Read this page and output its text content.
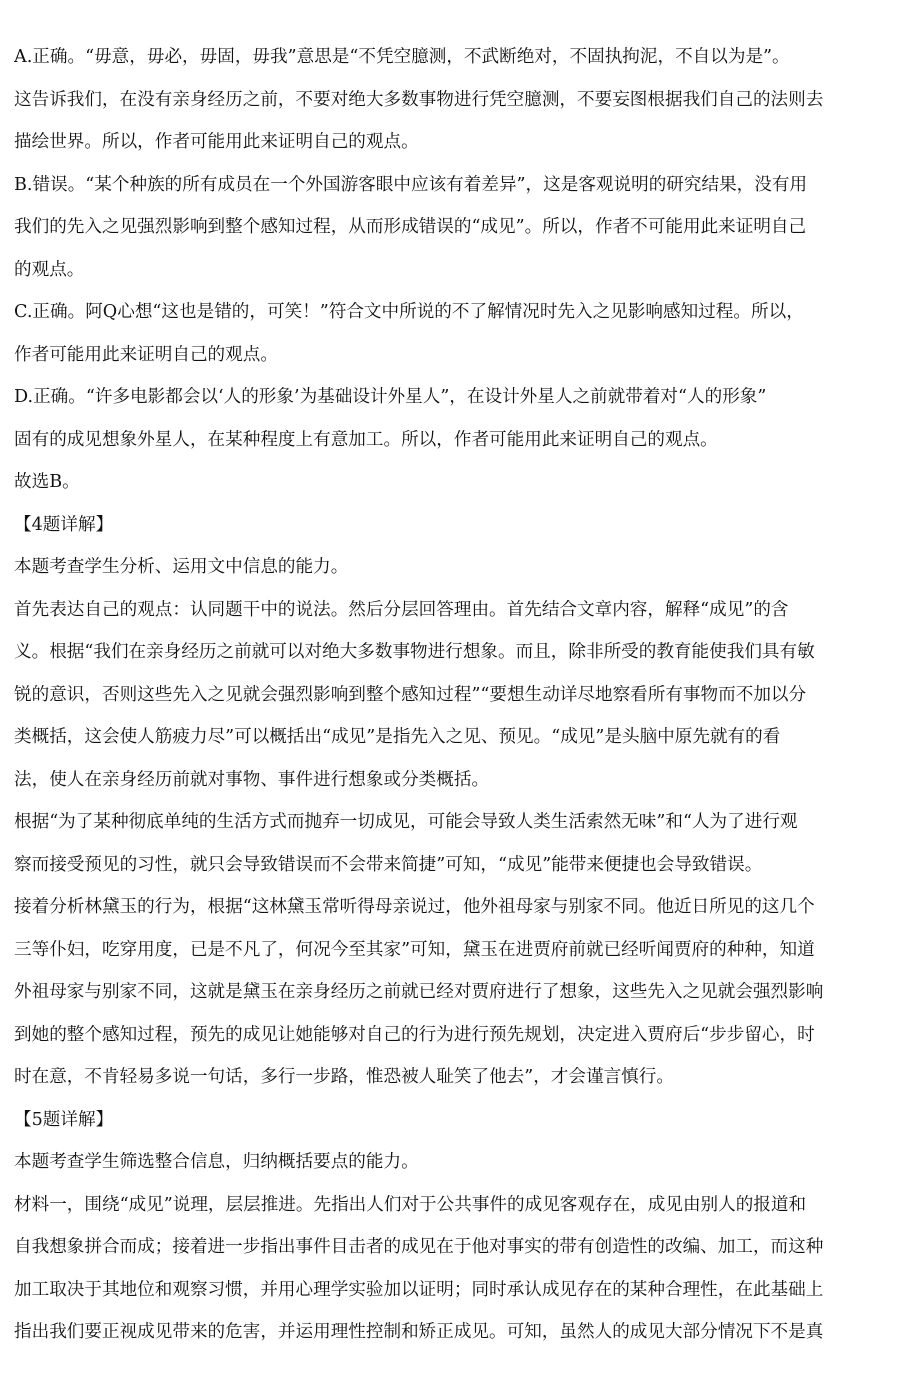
A.正确。“毋意，毋必，毋固，毋我”意思是“不凭空臆测，不武断绝对，不固执拘泥，不自以为是”。
这告诉我们，在没有亲身经历之前，不要对绝大多数事物进行凭空臆测，不要妄图根据我们自己的法则去
描绘世界。所以，作者可能用此来证明自己的观点。
B.错误。“某个种族的所有成员在一个外国游客眼中应该有着差异”，这是客观说明的研究结果，没有用
我们的先入之见强烈影响到整个感知过程，从而形成错误的“成见”。所以，作者不可能用此来证明自己
的观点。
C.正确。阿Q心想“这也是错的，可笑！”符合文中所说的不了解情况时先入之见影响感知过程。所以，
作者可能用此来证明自己的观点。
D.正确。“许多电影都会以‘人的形象’为基础设计外星人”，在设计外星人之前就带着对“人的形象”
固有的成见想象外星人，在某种程度上有意加工。所以，作者可能用此来证明自己的观点。
故选B。
【4题详解】
本题考查学生分析、运用文中信息的能力。
首先表达自己的观点：认同题干中的说法。然后分层回答理由。首先结合文章内容，解释“成见”的含
义。根据“我们在亲身经历之前就可以对绝大多数事物进行想象。而且，除非所受的教育能使我们具有敏
锐的意识，否则这些先入之见就会强烈影响到整个感知过程”“要想生动详尽地察看所有事物而不加以分
类概括，这会使人筋疲力尽”可以概括出“成见”是指先入之见、预见。“成见”是头脑中原先就有的看
法，使人在亲身经历前就对事物、事件进行想象或分类概括。
根据“为了某种彻底单纯的生活方式而抛弃一切成见，可能会导致人类生活索然无味”和“人为了进行观
察而接受预见的习性，就只会导致错误而不会带来简捷”可知，“成见”能带来便捷也会导致错误。
接着分析林黛玉的行为，根据“这林黛玉常听得母亲说过，他外祖母家与别家不同。他近日所见的这几个
三等仆妇，吃穿用度，已是不凡了，何况今至其家”可知，黛玉在进贾府前就已经听闻贾府的种种，知道
外祖母家与别家不同，这就是黛玉在亲身经历之前就已经对贾府进行了想象，这些先入之见就会强烈影响
到她的整个感知过程，预先的成见让她能够对自己的行为进行预先规划，决定进入贾府后“步步留心，时
时在意，不肯轻易多说一句话，多行一步路，惟恐被人耻笑了他去”，才会谨言慎行。
【5题详解】
本题考查学生筛选整合信息，归纳概括要点的能力。
材料一，围绕“成见”说理，层层推进。先指出人们对于公共事件的成见客观存在，成见由别人的报道和
自我想象拼合而成；接着进一步指出事件目击者的成见在于他对事实的带有创造性的改编、加工，而这种
加工取决于其地位和观察习惯，并用心理学实验加以证明；同时承认成见存在的某种合理性，在此基础上
指出我们要正视成见带来的危害，并运用理性控制和矫正成见。可知，虽然人的成见大部分情况下不是真
